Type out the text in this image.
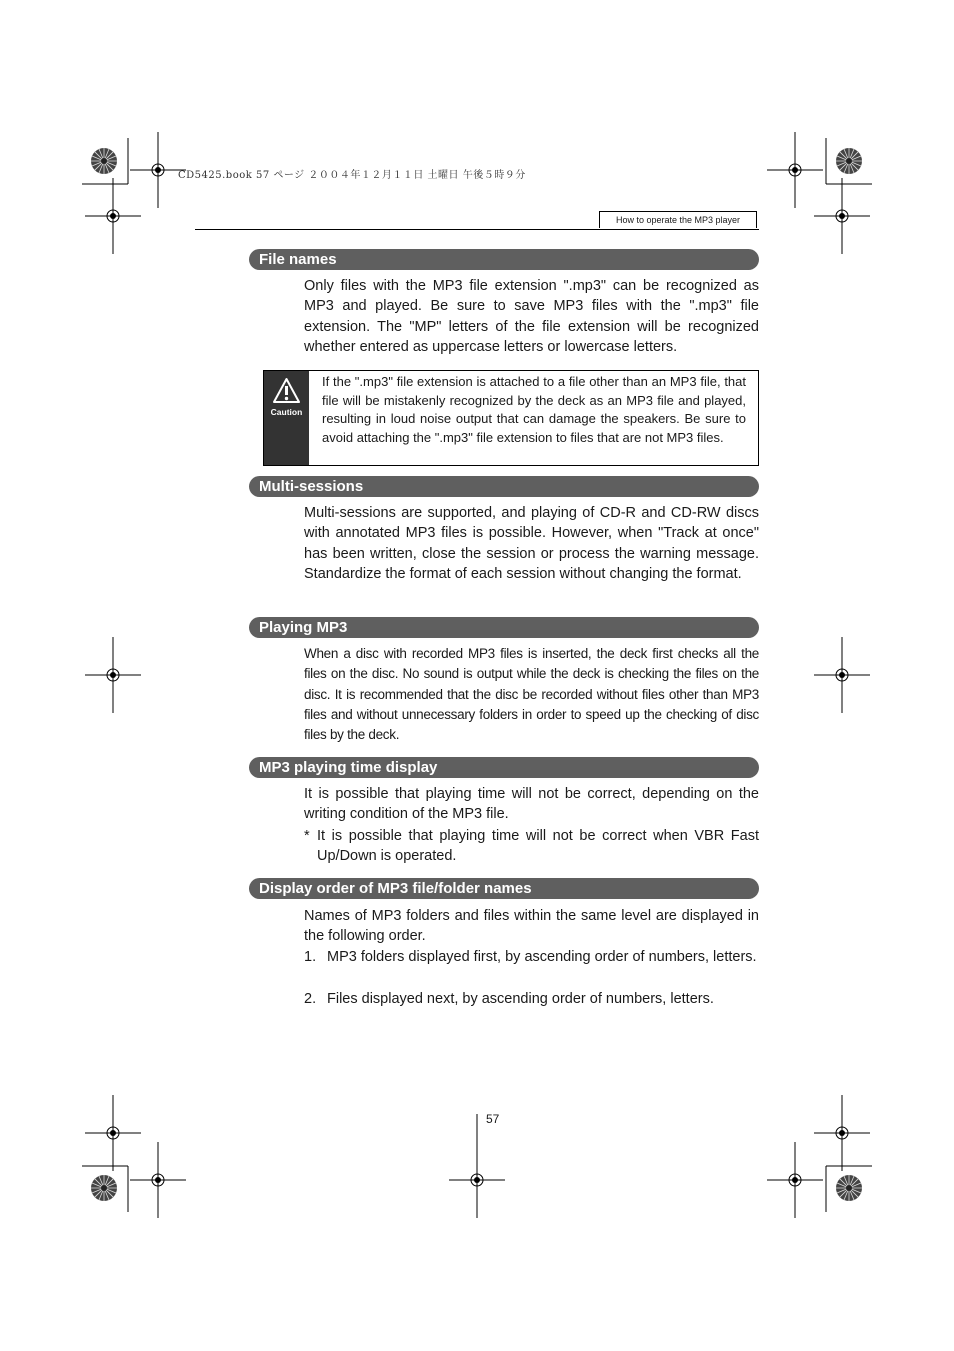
CD5425.book 57 ページ ２００４年１２月１１日 土曜日 午後５時９分
How to operate the MP3 player
File names

Only files with the MP3 file extension ".mp3" can be recognized as MP3 and played. Be sure to save MP3 files with the ".mp3" file extension. The "MP" letters of the file extension will be recognized whether entered as uppercase letters or lowercase letters.

Caution
If the ".mp3" file extension is attached to a file other than an MP3 file, that file will be mistakenly recognized by the deck as an MP3 file and played, resulting in loud noise output that can damage the speakers. Be sure to avoid attaching the ".mp3" file extension to files that are not MP3 files.
Multi-sessions

Multi-sessions are supported, and playing of CD-R and CD-RW discs with annotated MP3 files is possible. However, when "Track at once" has been written, close the session or process the warning message. Standardize the format of each session without changing the format.

Playing MP3

When a disc with recorded MP3 files is inserted, the deck first checks all the files on the disc. No sound is output while the deck is checking the files on the disc. It is recommended that the disc be recorded without files other than MP3 files and without unnecessary folders in order to speed up the checking of disc files by the deck.

MP3 playing time display

It is possible that playing time will not be correct, depending on the writing condition of the MP3 file.

* It is possible that playing time will not be correct when VBR Fast Up/Down is operated.
Display order of MP3 file/folder names

Names of MP3 folders and files within the same level are displayed in the following order.

1. MP3 folders displayed first, by ascending order of numbers, letters.
2. Files displayed next, by ascending order of numbers, letters.
57
